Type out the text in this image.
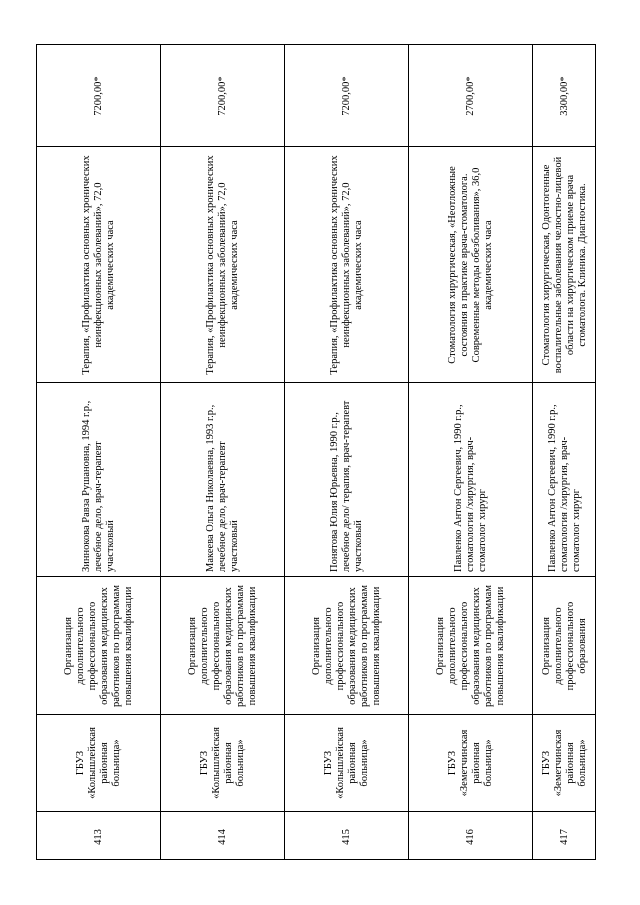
7200,00*
Терапия, «Профилактика основных хронических неинфекционных заболеваний», 72,0 академических часа
Зиннокова Равза Рушановна, 1994 г.р., лечебное дело, врач-терапевт участковый
Организация дополнительного профессионального образования медицинских работников по программам повышения квалификации
ГБУЗ «Колышлейская районная больница»
413
7200,00*
Терапия, «Профилактика основных хронических неинфекционных заболеваний», 72,0 академических часа
Макеева Ольга Николаевна, 1993 г.р., лечебное дело, врач-терапевт участковый
Организация дополнительного профессионального образования медицинских работников по программам повышения квалификации
ГБУЗ «Колышлейская районная больница»
414
7200,00*
Терапия, «Профилактика основных хронических неинфекционных заболеваний», 72,0 академических часа
Понятова Юлия Юрьевна, 1990 г.р., лечебное дело/ терапия, врач-терапевт участковый
Организация дополнительного профессионального образования медицинских работников по программам повышения квалификации
ГБУЗ «Колышлейская районная больница»
415
2700,00*
Стоматология хирургическая, «Неотложные состояния в практике врача-стоматолога. Современные методы обезболивания», 36,0 академических часа
Павленко Антон Сергеевич, 1990 г.р., стоматология /хирургия, врач-стоматолог хирург
Организация дополнительного профессионального образования медицинских работников по программам повышения квалификации
ГБУЗ «Земетчинская районная больница»
416
3300,00*
Стоматология хирургическая, Одонтогенные воспалительные заболевания челюстно-лицевой области на хирургическом приеме врача стоматолога. Клиника. Диагностика.
Павленко Антон Сергеевич, 1990 г.р., стоматология /хирургия, врач-стоматолог хирург
Организация дополнительного профессионального образования
ГБУЗ «Земетчинская районная больница»
417
